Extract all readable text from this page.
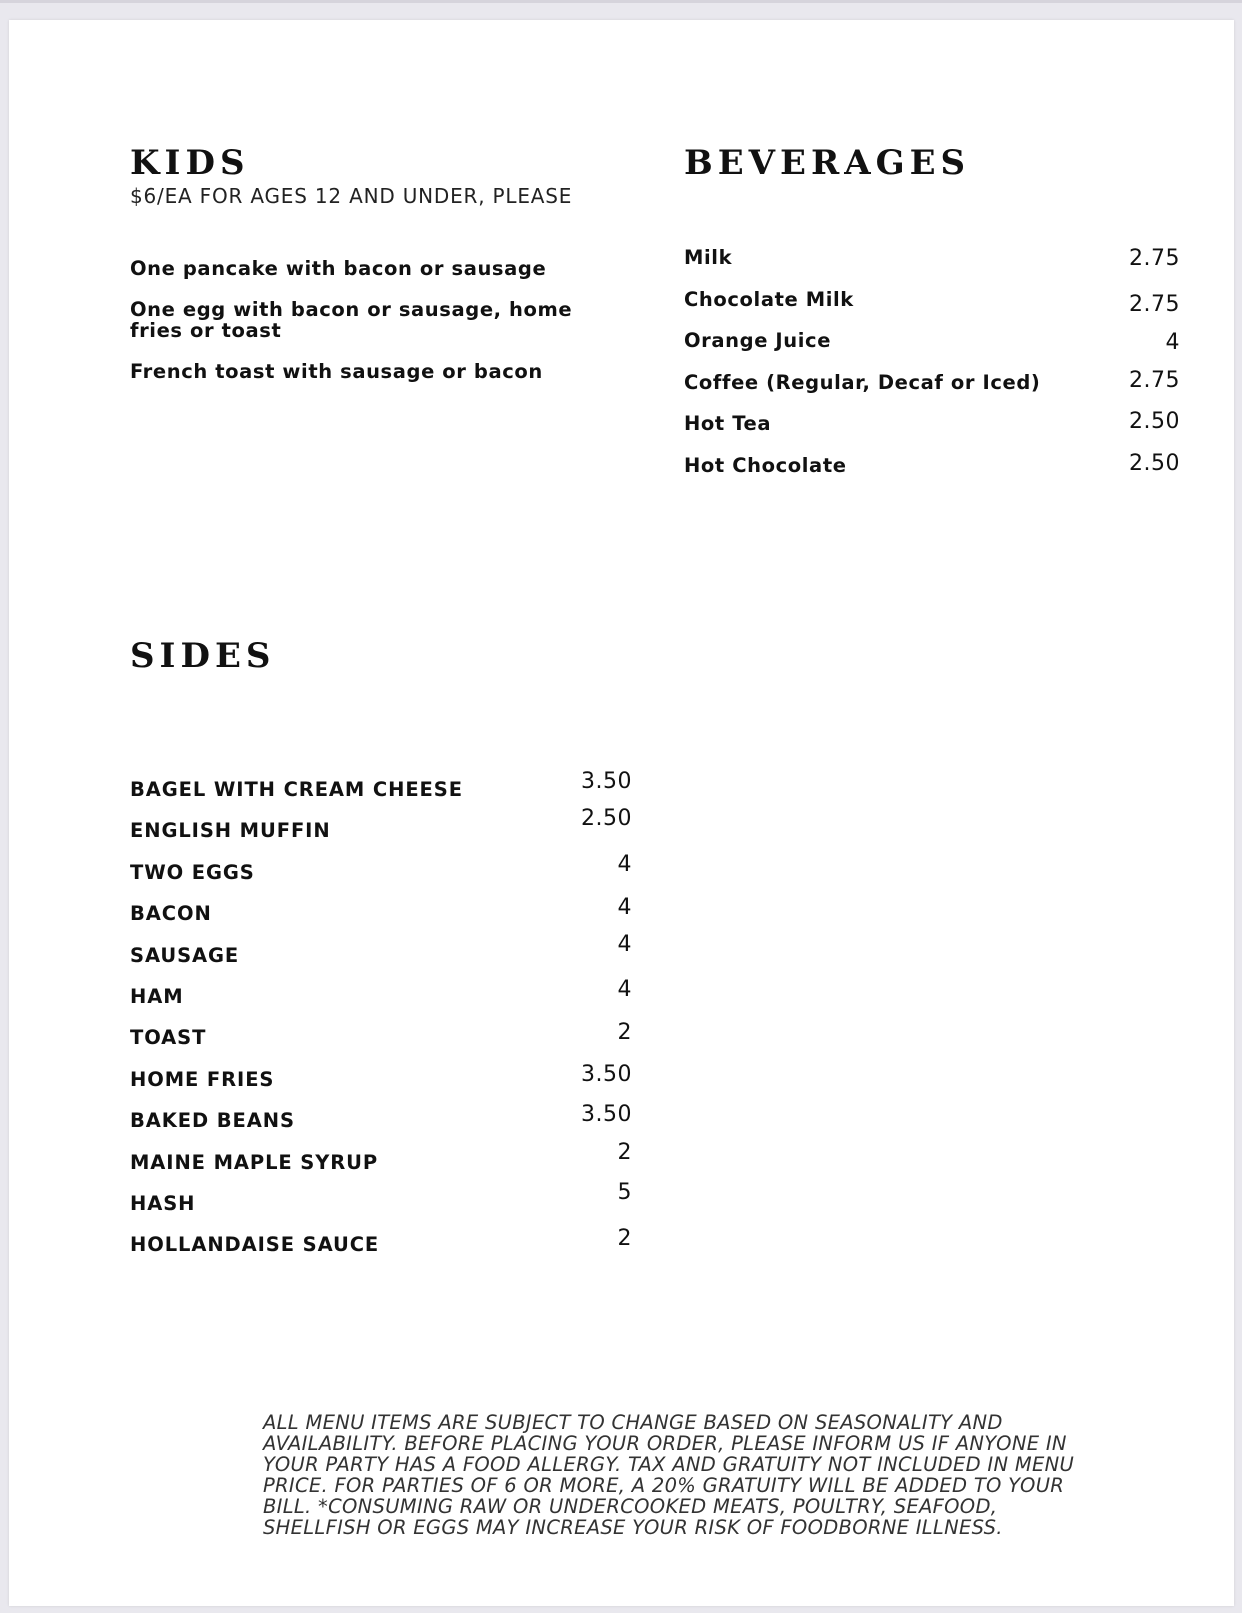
KIDS

$6/EA FOR AGES 12 AND UNDER, PLEASE

One pancake with bacon or sausage
One egg with bacon or sausage, home fries or toast
French toast with sausage or bacon
BEVERAGES
Milk	2.75
Chocolate Milk	2.75
Orange Juice	4
Coffee (Regular, Decaf or Iced)	2.75
Hot Tea	2.50
Hot Chocolate	2.50
SIDES
BAGEL WITH CREAM CHEESE	3.50
ENGLISH MUFFIN	2.50
TWO EGGS	4
BACON	4
SAUSAGE	4
HAM	4
TOAST	2
HOME FRIES	3.50
BAKED BEANS	3.50
MAINE MAPLE SYRUP	2
HASH	5
HOLLANDAISE SAUCE	2

ALL MENU ITEMS ARE SUBJECT TO CHANGE BASED ON SEASONALITY AND AVAILABILITY. BEFORE PLACING YOUR ORDER, PLEASE INFORM US IF ANYONE IN YOUR PARTY HAS A FOOD ALLERGY. TAX AND GRATUITY NOT INCLUDED IN MENU PRICE. FOR PARTIES OF 6 OR MORE, A 20% GRATUITY WILL BE ADDED TO YOUR BILL. *CONSUMING RAW OR UNDERCOOKED MEATS, POULTRY, SEAFOOD, SHELLFISH OR EGGS MAY INCREASE YOUR RISK OF FOODBORNE ILLNESS.
